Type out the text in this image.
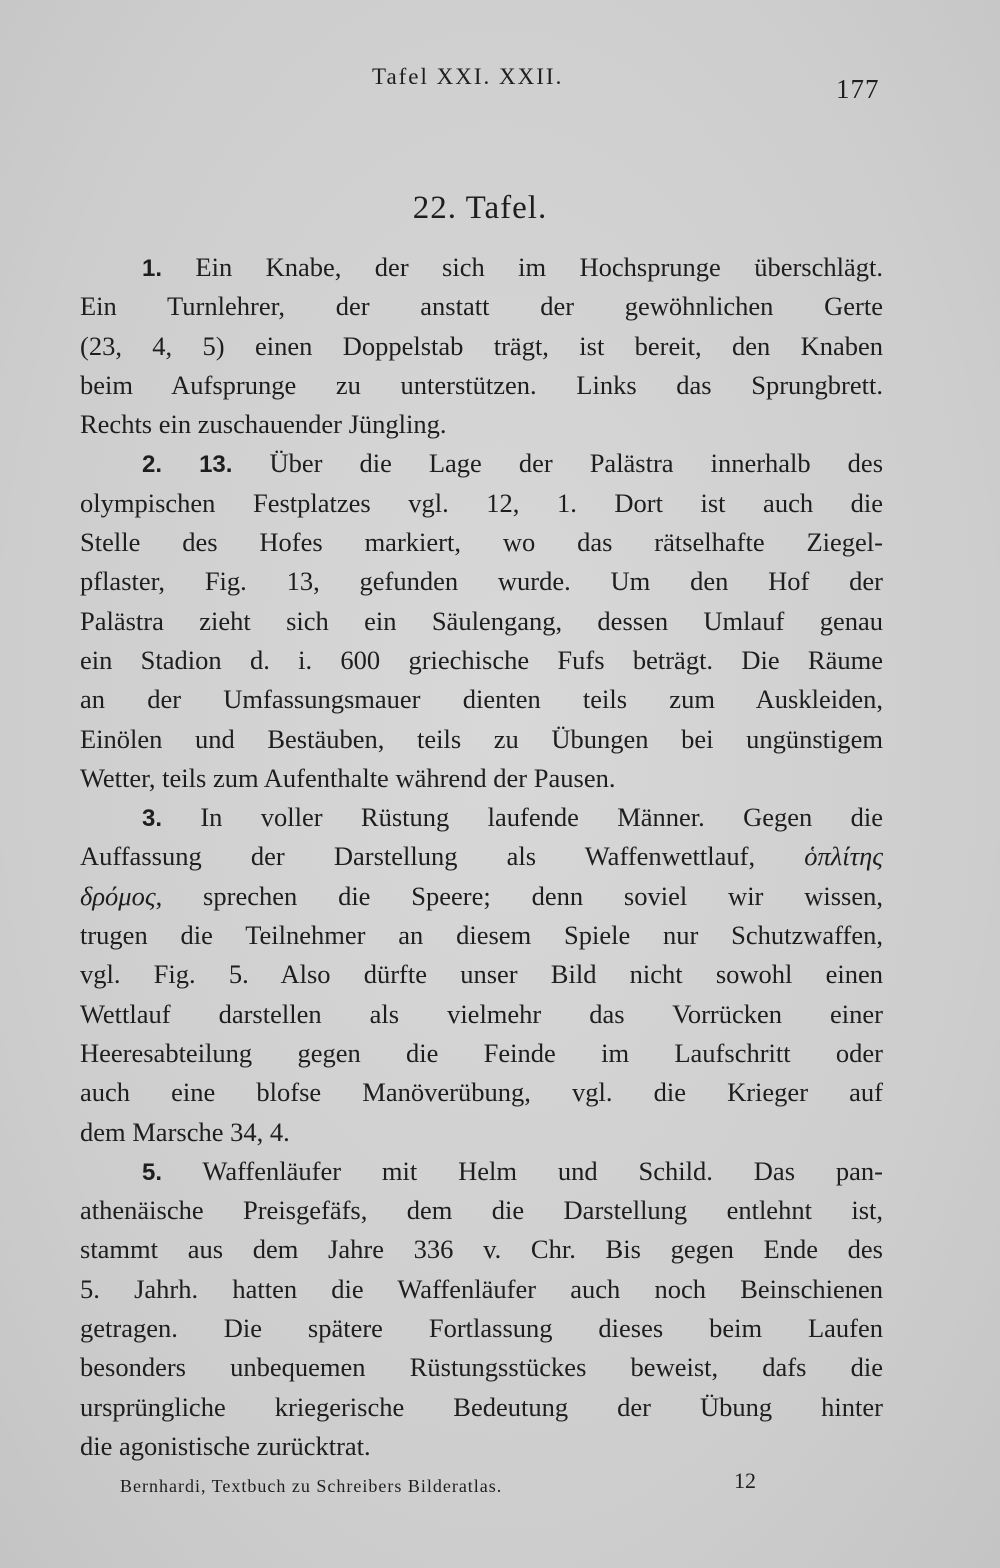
Tafel XXI. XXII.	177
22. Tafel.
1. Ein Knabe, der sich im Hochsprunge überschlägt.
Ein Turnlehrer, der anstatt der gewöhnlichen Gerte
(23, 4, 5) einen Doppelstab trägt, ist bereit, den Knaben
beim Aufsprunge zu unterstützen. Links das Sprungbrett.
Rechts ein zuschauender Jüngling.
2. 13. Über die Lage der Palästra innerhalb des
olympischen Festplatzes vgl. 12, 1. Dort ist auch die
Stelle des Hofes markiert, wo das rätselhafte Ziegel-
pflaster, Fig. 13, gefunden wurde. Um den Hof der
Palästra zieht sich ein Säulengang, dessen Umlauf genau
ein Stadion d. i. 600 griechische Fufs beträgt. Die Räume
an der Umfassungsmauer dienten teils zum Auskleiden,
Einölen und Bestäuben, teils zu Übungen bei ungünstigem
Wetter, teils zum Aufenthalte während der Pausen.
3. In voller Rüstung laufende Männer. Gegen die
Auffassung der Darstellung als Waffenwettlauf, ὁπλίτης
δρόμος, sprechen die Speere; denn soviel wir wissen,
trugen die Teilnehmer an diesem Spiele nur Schutzwaffen,
vgl. Fig. 5. Also dürfte unser Bild nicht sowohl einen
Wettlauf darstellen als vielmehr das Vorrücken einer
Heeresabteilung gegen die Feinde im Laufschritt oder
auch eine blofse Manöverübung, vgl. die Krieger auf
dem Marsche 34, 4.
5. Waffenläufer mit Helm und Schild. Das pan-
athenäische Preisgefäfs, dem die Darstellung entlehnt ist,
stammt aus dem Jahre 336 v. Chr. Bis gegen Ende des
5. Jahrh. hatten die Waffenläufer auch noch Beinschienen
getragen. Die spätere Fortlassung dieses beim Laufen
besonders unbequemen Rüstungsstückes beweist, dafs die
ursprüngliche kriegerische Bedeutung der Übung hinter
die agonistische zurücktrat.
Bernhardi, Textbuch zu Schreibers Bilderatlas.	12
